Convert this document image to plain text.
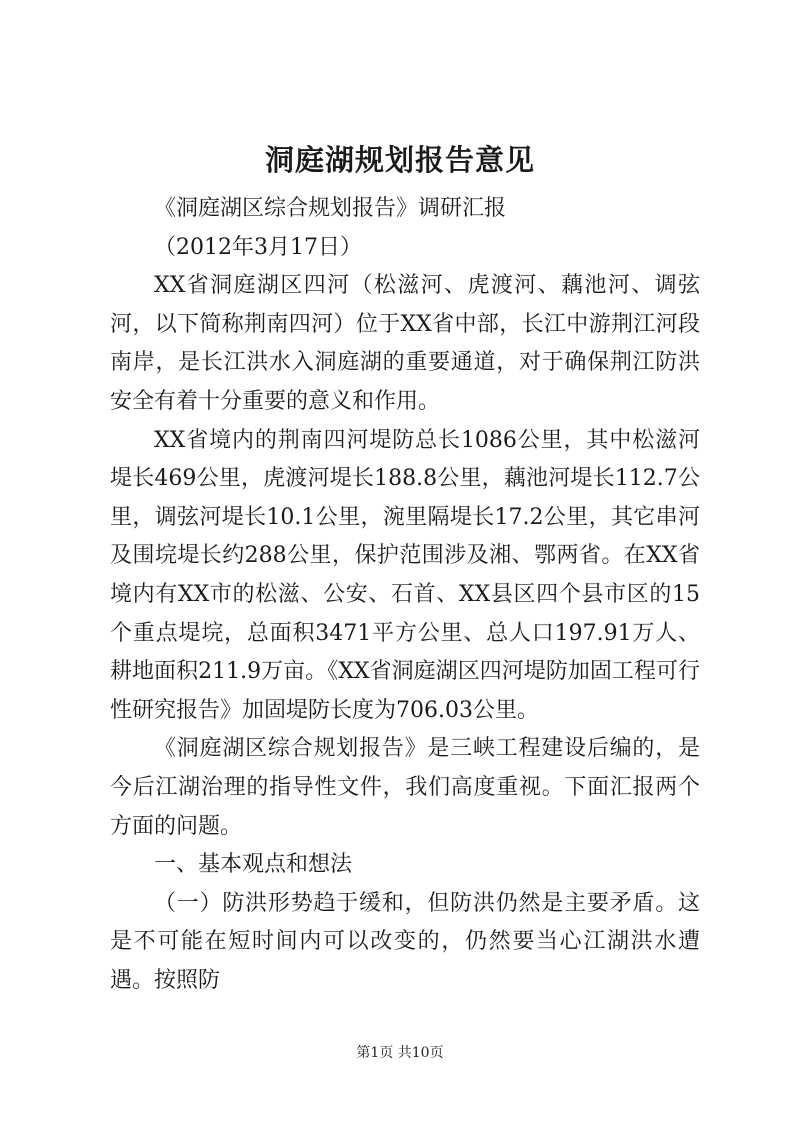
洞庭湖规划报告意见

《洞庭湖区综合规划报告》调研汇报

（2012年3月17日）

XX省洞庭湖区四河（松滋河、虎渡河、藕池河、调弦河，以下简称荆南四河）位于XX省中部，长江中游荆江河段南岸，是长江洪水入洞庭湖的重要通道，对于确保荆江防洪安全有着十分重要的意义和作用。

XX省境内的荆南四河堤防总长1086公里，其中松滋河堤长469公里，虎渡河堤长188.8公里，藕池河堤长112.7公里，调弦河堤长10.1公里，涴里隔堤长17.2公里，其它串河及围垸堤长约288公里，保护范围涉及湘、鄂两省。在XX省境内有XX市的松滋、公安、石首、XX县区四个县市区的15个重点堤垸，总面积3471平方公里、总人口197.91万人、耕地面积211.9万亩。《XX省洞庭湖区四河堤防加固工程可行性研究报告》加固堤防长度为706.03公里。

《洞庭湖区综合规划报告》是三峡工程建设后编的，是今后江湖治理的指导性文件，我们高度重视。下面汇报两个方面的问题。

一、基本观点和想法

（一）防洪形势趋于缓和，但防洪仍然是主要矛盾。这是不可能在短时间内可以改变的，仍然要当心江湖洪水遭遇。按照防

第1页 共10页
